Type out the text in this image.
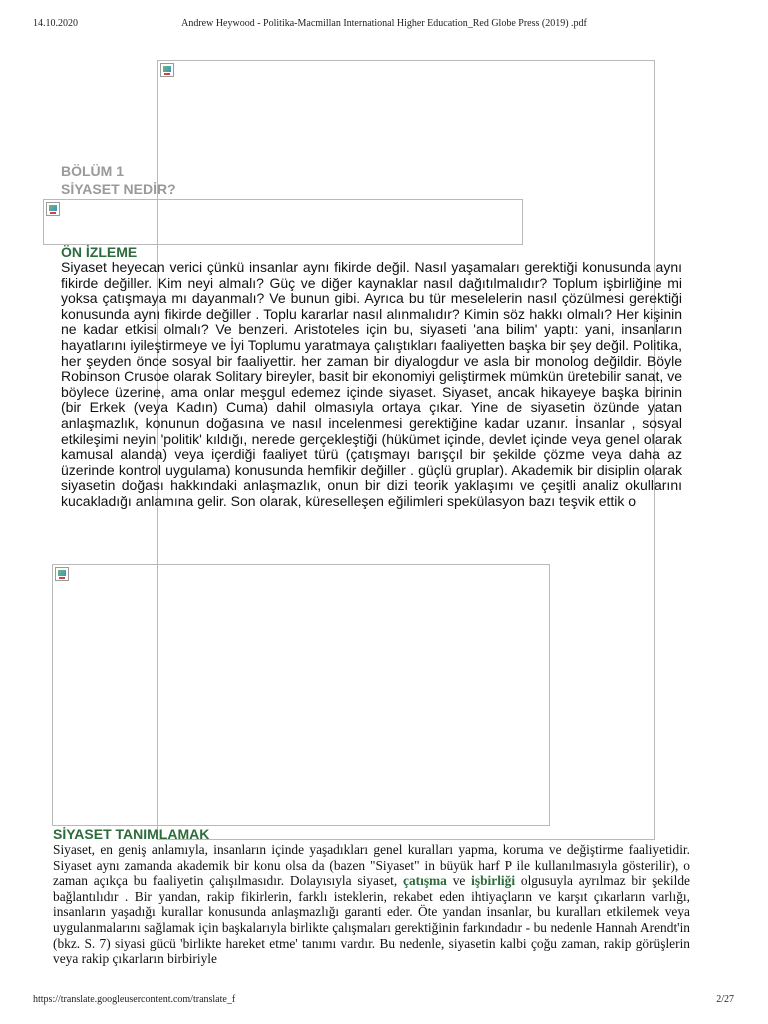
14.10.2020	Andrew Heywood - Politika-Macmillan International Higher Education_Red Globe Press (2019) .pdf
BÖLÜM 1
SİYASET NEDİR?
ÖN İZLEME
Siyaset heyecan verici çünkü insanlar aynı fikirde değil. Nasıl yaşamaları gerektiği konusunda aynı fikirde değiller. Kim neyi almalı? Güç ve diğer kaynaklar nasıl dağıtılmalıdır? Toplum işbirliğine mi yoksa çatışmaya mı dayanmalı? Ve bunun gibi. Ayrıca bu tür meselelerin nasıl çözülmesi gerektiği konusunda aynı fikirde değiller . Toplu kararlar nasıl alınmalıdır? Kimin söz hakkı olmalı? Her kişinin ne kadar etkisi olmalı? Ve benzeri. Aristoteles için bu, siyaseti 'ana bilim' yaptı: yani, insanların hayatlarını iyileştirmeye ve İyi Toplumu yaratmaya çalıştıkları faaliyetten başka bir şey değil. Politika, her şeyden önce sosyal bir faaliyettir. her zaman bir diyalogdur ve asla bir monolog değildir. Böyle Robinson Crusoe olarak Solitary bireyler, basit bir ekonomiyi geliştirmek mümkün üretebilir sanat, ve böylece üzerine, ama onlar meşgul edemez içinde siyaset. Siyaset, ancak hikayeye başka birinin (bir Erkek (veya Kadın) Cuma) dahil olmasıyla ortaya çıkar. Yine de siyasetin özünde yatan anlaşmazlık, konunun doğasına ve nasıl incelenmesi gerektiğine kadar uzanır. İnsanlar , sosyal etkileşimi neyin 'politik' kıldığı, nerede gerçekleştiği (hükümet içinde, devlet içinde veya genel olarak kamusal alanda) veya içerdiği faaliyet türü (çatışmayı barışçıl bir şekilde çözme veya daha az üzerinde kontrol uygulama) konusunda hemfikir değiller . güçlü gruplar). Akademik bir disiplin olarak siyasetin doğası hakkındaki anlaşmazlık, onun bir dizi teorik yaklaşımı ve çeşitli analiz okullarını kucakladığı anlamına gelir. Son olarak, küreselleşen eğilimleri spekülasyon bazı teşvik ettik o
SİYASET TANIMLAMAK
Siyaset, en geniş anlamıyla, insanların içinde yaşadıkları genel kuralları yapma, koruma ve değiştirme faaliyetidir. Siyaset aynı zamanda akademik bir konu olsa da (bazen "Siyaset" in büyük harf P ile kullanılmasıyla gösterilir), o zaman açıkça bu faaliyetin çalışılmasıdır. Dolayısıyla siyaset, çatışma ve işbirliği olgusuyla ayrılmaz bir şekilde bağlantılıdır . Bir yandan, rakip fikirlerin, farklı isteklerin, rekabet eden ihtiyaçların ve karşıt çıkarların varlığı, insanların yaşadığı kurallar konusunda anlaşmazlığı garanti eder. Öte yandan insanlar, bu kuralları etkilemek veya uygulanmalarını sağlamak için başkalarıyla birlikte çalışmaları gerektiğinin farkındadır - bu nedenle Hannah Arendt'in (bkz. S. 7) siyasi gücü 'birlikte hareket etme' tanımı vardır. Bu nedenle, siyasetin kalbi çoğu zaman, rakip görüşlerin veya rakip çıkarların birbiriyle
https://translate.googleusercontent.com/translate_f	2/27
